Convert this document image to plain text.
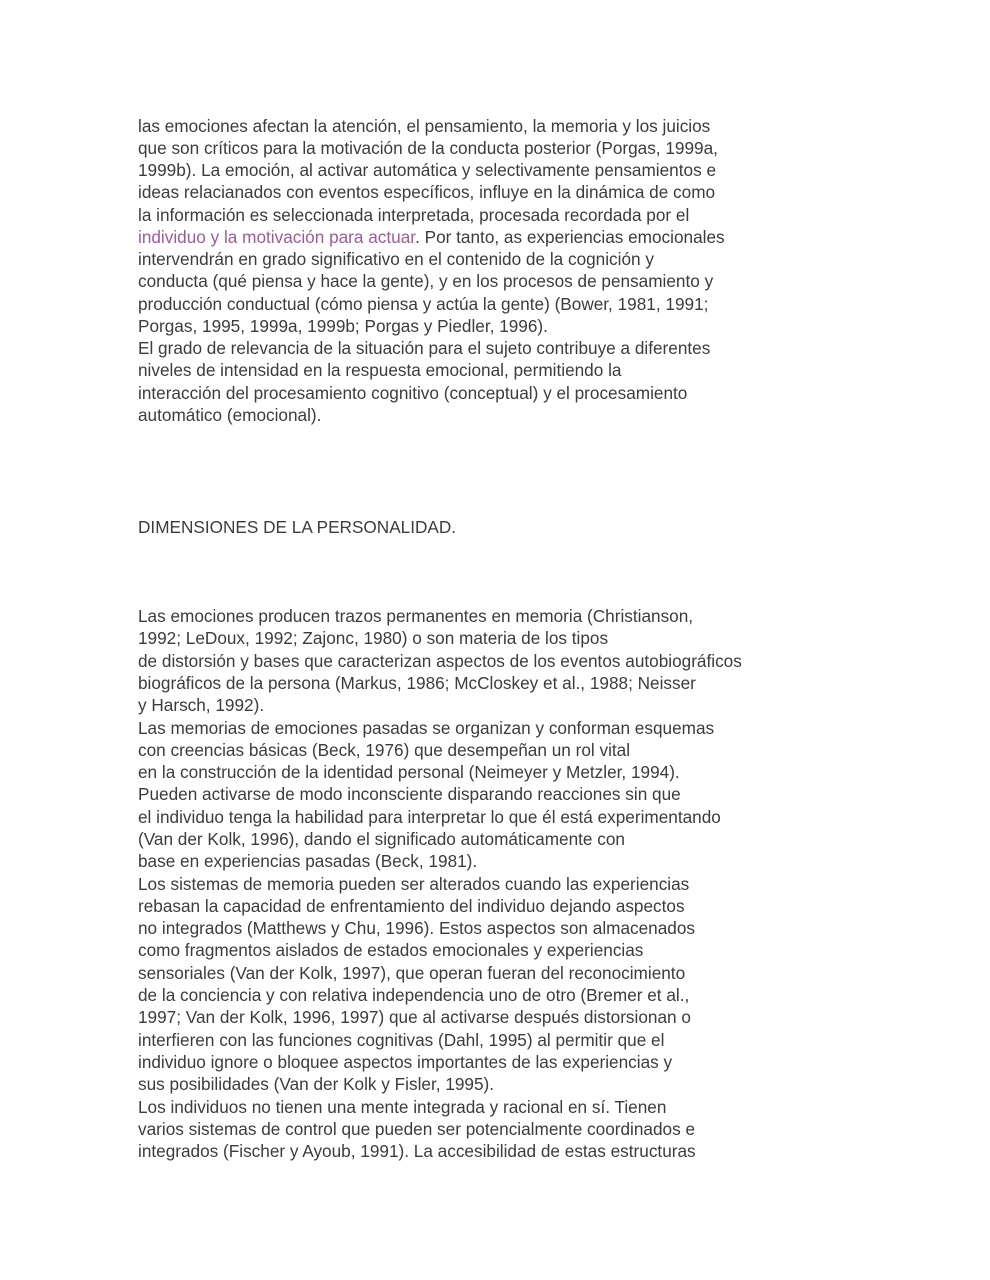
las emociones afectan la atención, el pensamiento, la memoria y los juicios

que son críticos para la motivación de la conducta posterior (Porgas, 1999a,

1999b). La emoción, al activar automática y selectivamente pensamientos e

ideas relacianados con eventos específicos, influye en la dinámica de como

la información es seleccionada interpretada, procesada recordada por el

individuo y la motivación para actuar. Por tanto, as experiencias emocionales

intervendrán en grado significativo en el contenido de la cognición y

conducta (qué piensa y hace la gente), y en los procesos de pensamiento y

producción conductual (cómo piensa y actúa la gente) (Bower, 1981, 1991;

Porgas, 1995, 1999a, 1999b; Porgas y Piedler, 1996).

El grado de relevancia de la situación para el sujeto contribuye a diferentes

niveles de intensidad en la respuesta emocional, permitiendo la

interacción del procesamiento cognitivo (conceptual) y el procesamiento

automático (emocional).

DIMENSIONES DE LA PERSONALIDAD.

Las emociones producen trazos permanentes en memoria (Christianson,

1992; LeDoux, 1992; Zajonc, 1980) o son materia de los tipos

de distorsión y bases que caracterizan aspectos de los eventos autobiográficos

biográficos de la persona (Markus, 1986; McCloskey et al., 1988; Neisser

y Harsch, 1992).

Las memorias de emociones pasadas se organizan y conforman esquemas

con creencias básicas (Beck, 1976) que desempeñan un rol vital

en la construcción de la identidad personal (Neimeyer y Metzler, 1994).

Pueden activarse de modo inconsciente disparando reacciones sin que

el individuo tenga la habilidad para interpretar lo que él está experimentando

(Van der Kolk, 1996), dando el significado automáticamente con

base en experiencias pasadas (Beck, 1981).

Los sistemas de memoria pueden ser alterados cuando las experiencias

rebasan la capacidad de enfrentamiento del individuo dejando aspectos

no integrados (Matthews y Chu, 1996). Estos aspectos son almacenados

como fragmentos aislados de estados emocionales y experiencias

sensoriales (Van der Kolk, 1997), que operan fueran del reconocimiento

de la conciencia y con relativa independencia uno de otro (Bremer et al.,

1997; Van der Kolk, 1996, 1997) que al activarse después distorsionan o

interfieren con las funciones cognitivas (Dahl, 1995) al permitir que el

individuo ignore o bloquee aspectos importantes de las experiencias y

sus posibilidades (Van der Kolk y Fisler, 1995).

Los individuos no tienen una mente integrada y racional en sí. Tienen

varios sistemas de control que pueden ser potencialmente coordinados e

integrados (Fischer y Ayoub, 1991). La accesibilidad de estas estructuras
